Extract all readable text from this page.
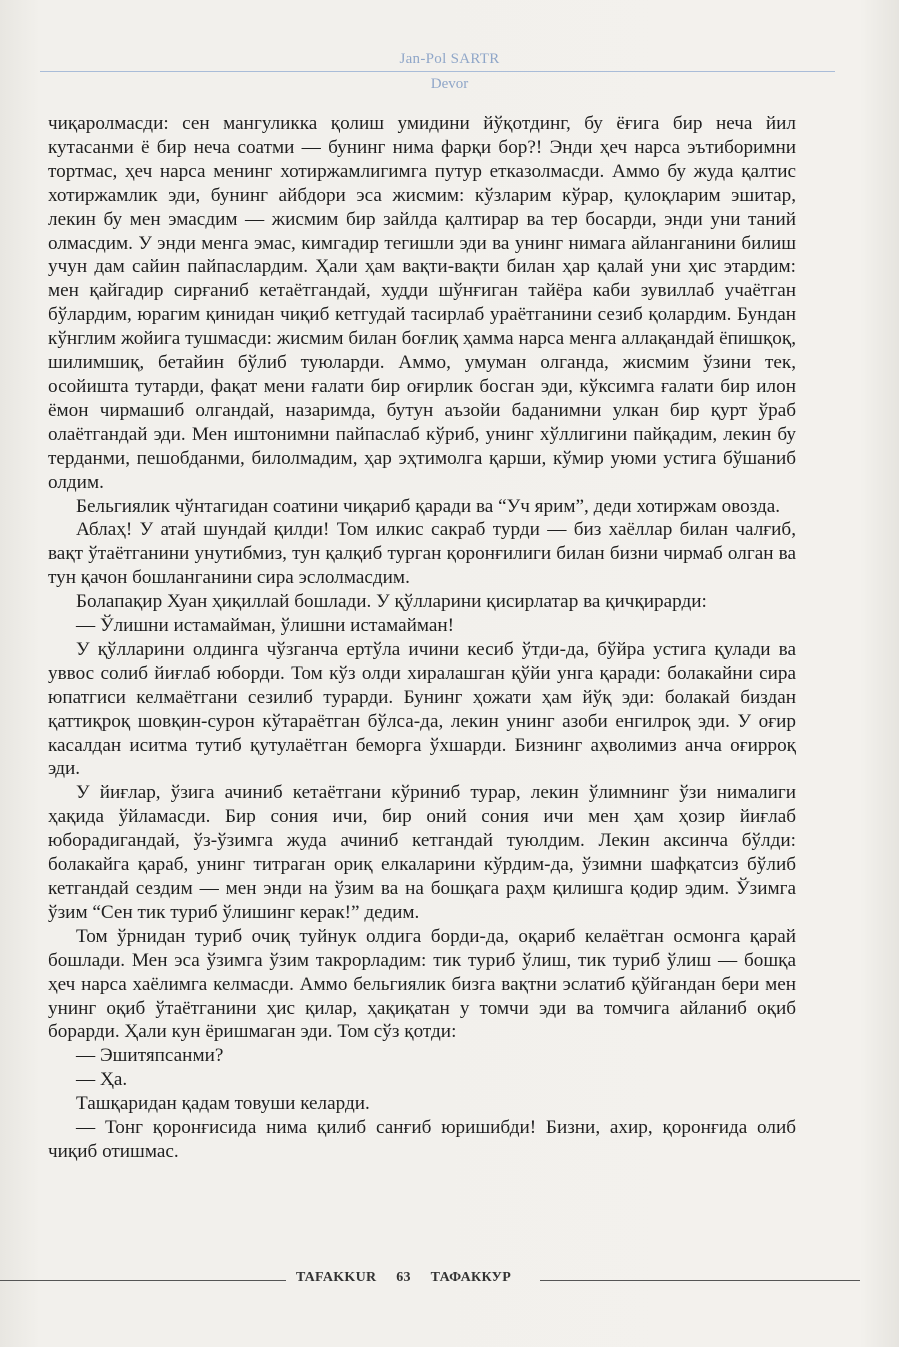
Jan-Pol SARTR
Devor

чиқаролмасди: сен мангуликка қолиш умидини йўқотдинг, бу ёғига бир неча йил кутасанми ё бир неча соатми — бунинг нима фарқи бор?! Энди ҳеч нарса эътиборимни тортмас, ҳеч нарса менинг хотиржамлигимга путур етказолмасди. Аммо бу жуда қалтис хотиржамлик эди, бунинг айбдори эса жисмим: кўзларим кўрар, қулоқларим эшитар, лекин бу мен эмасдим — жисмим бир зайлда қалтирар ва тер босарди, энди уни таний олмасдим. У энди менга эмас, кимгадир тегишли эди ва унинг нимага айланганини билиш учун дам сайин пайпаслардим. Ҳали ҳам вақти-вақти билан ҳар қалай уни ҳис этардим: мен қайгадир сирғаниб кетаётгандай, худди шўнғиган тайёра каби зувиллаб учаётган бўлардим, юрагим қинидан чиқиб кетгудай тасирлаб ураётганини сезиб қолардим. Бундан кўнглим жойига тушмасди: жисмим билан боғлиқ ҳамма нарса менга аллақандай ёпишқоқ, шилимшиқ, бетайин бўлиб туюларди. Аммо, умуман олганда, жисмим ўзини тек, осойишта тутарди, фақат мени ғалати бир оғирлик босган эди, кўксимга ғалати бир илон ёмон чирмашиб олгандай, назаримда, бутун аъзойи баданимни улкан бир қурт ўраб олаётгандай эди. Мен иштонимни пайпаслаб кўриб, унинг хўллигини пайқадим, лекин бу терданми, пешобданми, билолмадим, ҳар эҳтимолга қарши, кўмир уюми устига бўшаниб олдим.

Бельгиялик чўнтагидан соатини чиқариб қаради ва “Уч ярим”, деди хотиржам овозда.

Аблаҳ! У атай шундай қилди! Том илкис сакраб турди — биз хаёллар билан чалғиб, вақт ўтаётганини унутибмиз, тун қалқиб турган қоронғилиги билан бизни чирмаб олган ва тун қачон бошланганини сира эслолмасдим.

Болапақир Хуан ҳиқиллай бошлади. У қўлларини қисирлатар ва қичқирарди:

— Ўлишни истамайман, ўлишни истамайман!

У қўлларини олдинга чўзганча ертўла ичини кесиб ўтди-да, бўйра устига қулади ва уввос солиб йиғлаб юборди. Том кўз олди хиралашган қўйи унга қаради: болакайни сира юпатгиси келмаётгани сезилиб турарди. Бунинг ҳожати ҳам йўқ эди: болакай биздан қаттиқроқ шовқин-сурон кўтараётган бўлса-да, лекин унинг азоби енгилроқ эди. У оғир касалдан иситма тутиб қутулаётган беморга ўхшарди. Бизнинг аҳволимиз анча оғирроқ эди.

У йиғлар, ўзига ачиниб кетаётгани кўриниб турар, лекин ўлимнинг ўзи нималиги ҳақида ўйламасди. Бир сония ичи, бир оний сония ичи мен ҳам ҳозир йиғлаб юборадигандай, ўз-ўзимга жуда ачиниб кетгандай туюлдим. Лекин аксинча бўлди: болакайга қараб, унинг титраган ориқ елкаларини кўрдим-да, ўзимни шафқатсиз бўлиб кетгандай сездим — мен энди на ўзим ва на бошқага раҳм қилишга қодир эдим. Ўзимга ўзим “Сен тик туриб ўлишинг керак!” дедим.

Том ўрнидан туриб очиқ туйнук олдига борди-да, оқариб келаётган осмонга қарай бошлади. Мен эса ўзимга ўзим такрорладим: тик туриб ўлиш, тик туриб ўлиш — бошқа ҳеч нарса хаёлимга келмасди. Аммо бельгиялик бизга вақтни эслатиб қўйгандан бери мен унинг оқиб ўтаётганини ҳис қилар, ҳақиқатан у томчи эди ва томчига айланиб оқиб борарди. Ҳали кун ёришмаган эди. Том сўз қотди:

— Эшитяпсанми?

— Ҳа.

Ташқаридан қадам товуши келарди.

— Тонг қоронғисида нима қилиб санғиб юришибди! Бизни, ахир, қоронғида олиб чиқиб отишмас.

TAFAKKUR 63 ТАФАККУР
